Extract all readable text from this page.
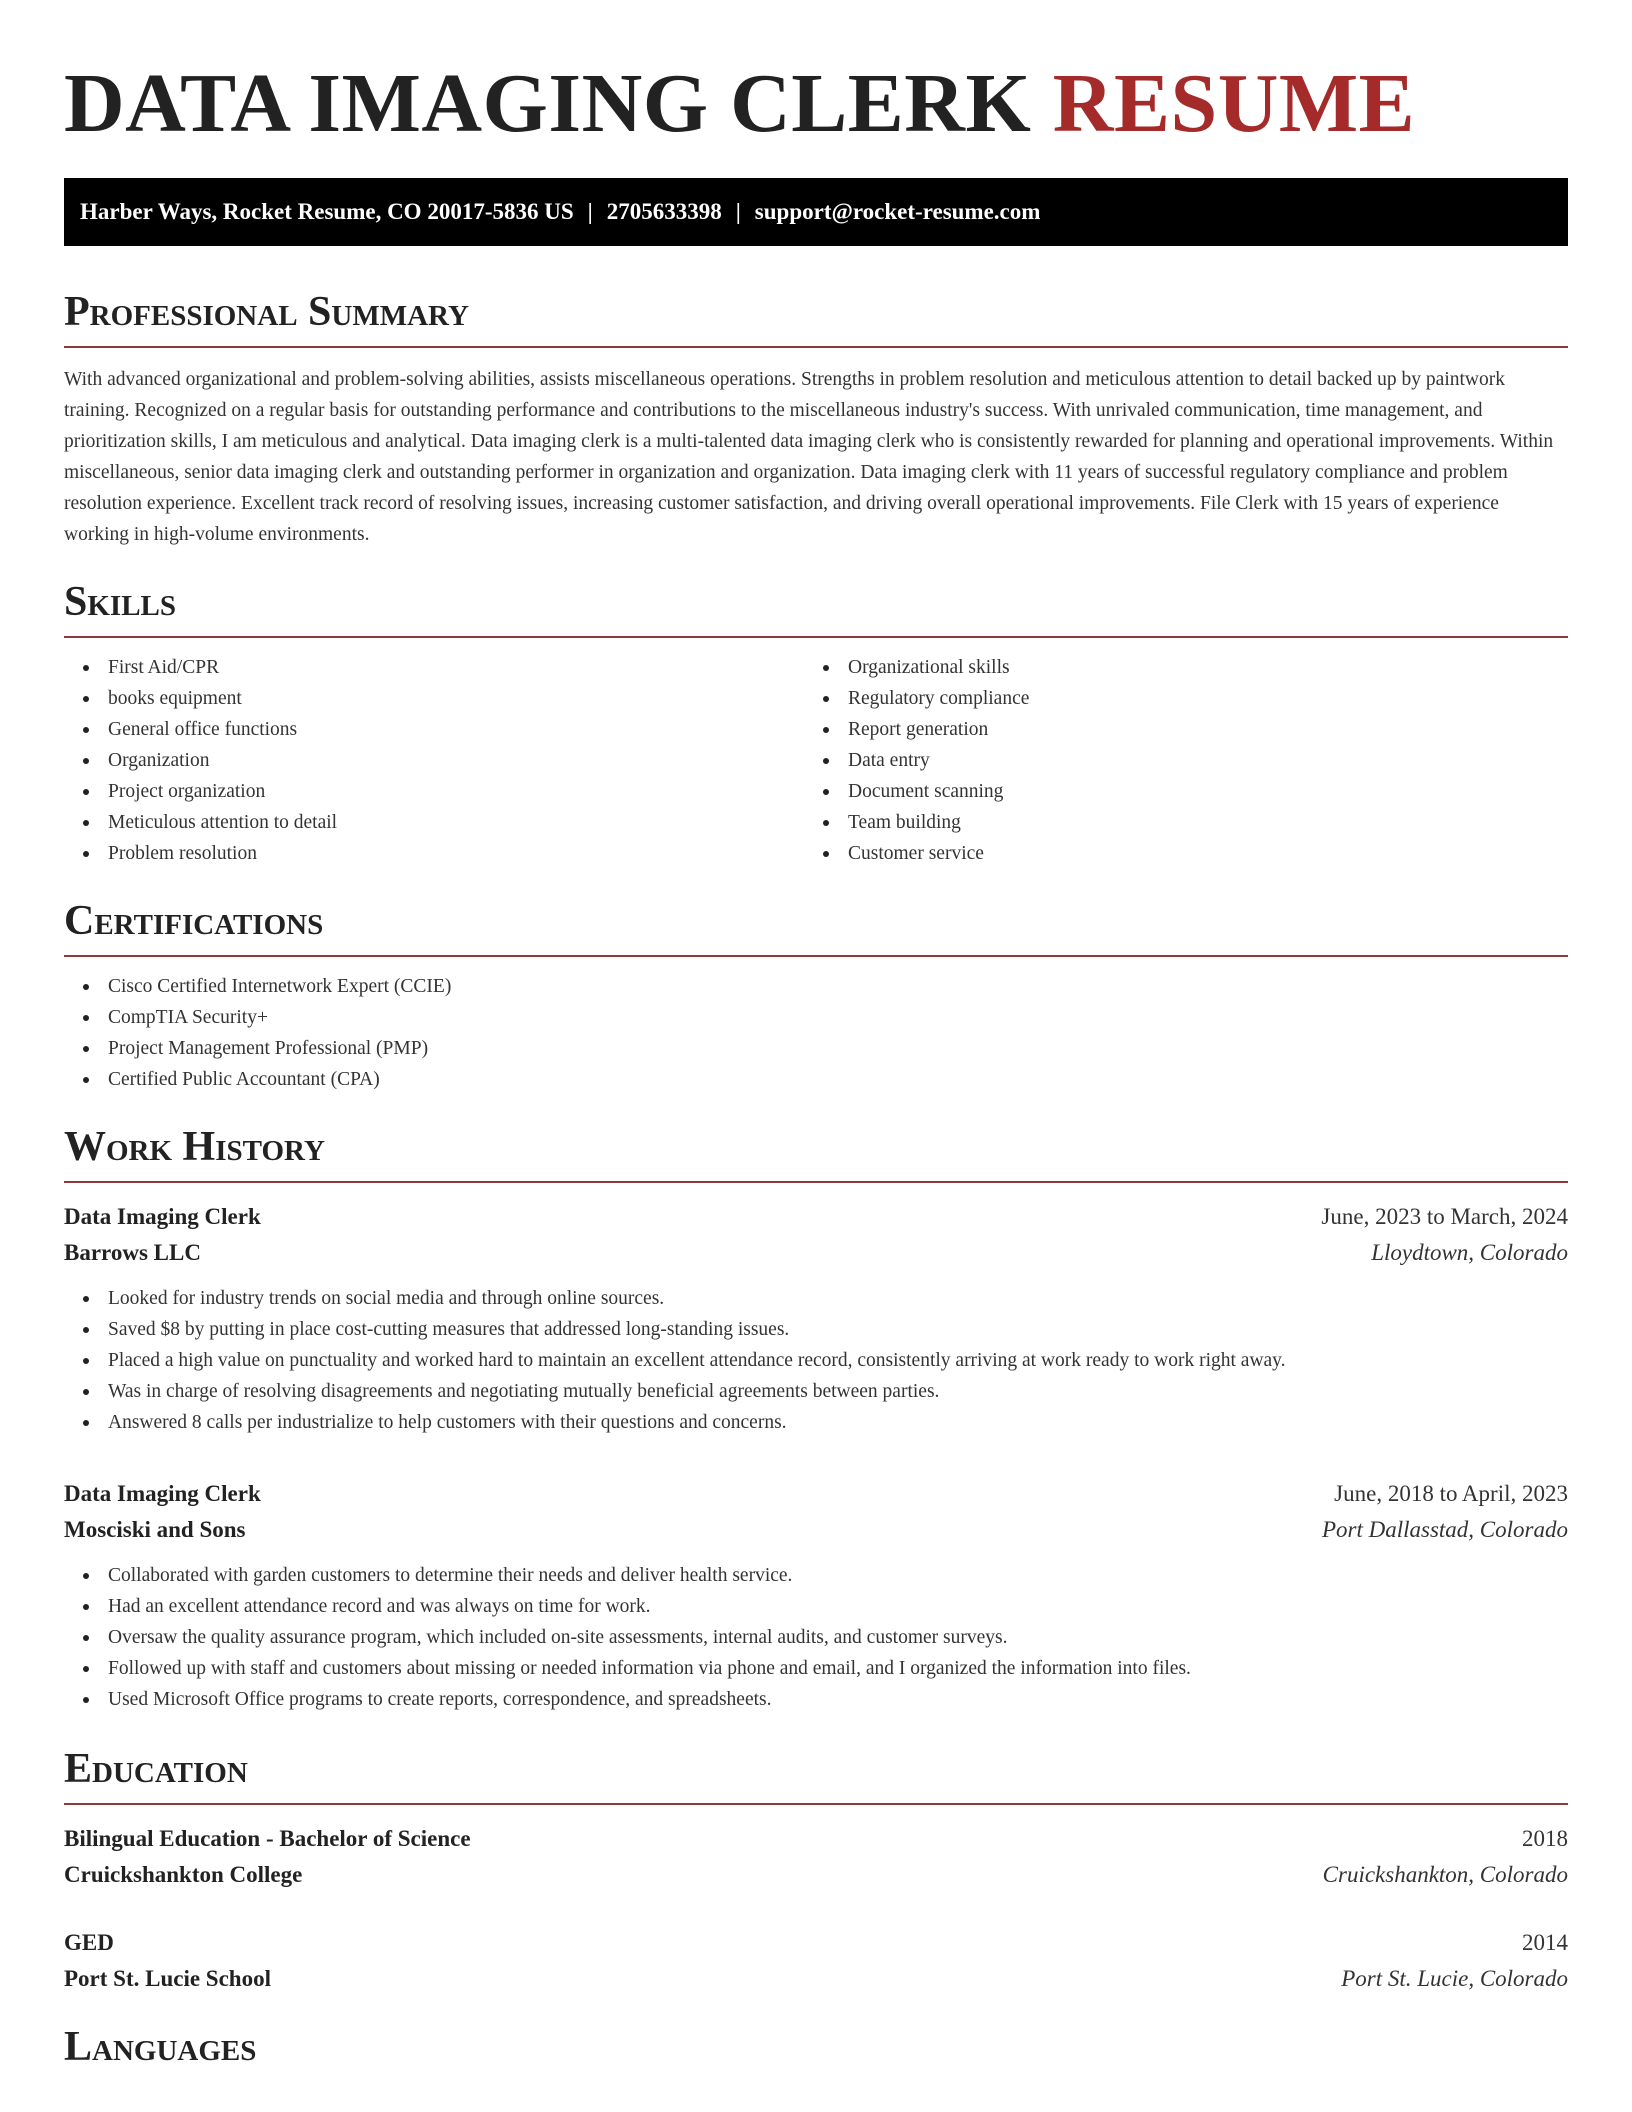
DATA IMAGING CLERK RESUME
Harber Ways, Rocket Resume, CO 20017-5836 US | 2705633398 | support@rocket-resume.com
Professional Summary

With advanced organizational and problem-solving abilities, assists miscellaneous operations. Strengths in problem resolution and meticulous attention to detail backed up by paintwork training. Recognized on a regular basis for outstanding performance and contributions to the miscellaneous industry's success. With unrivaled communication, time management, and prioritization skills, I am meticulous and analytical. Data imaging clerk is a multi-talented data imaging clerk who is consistently rewarded for planning and operational improvements. Within miscellaneous, senior data imaging clerk and outstanding performer in organization and organization. Data imaging clerk with 11 years of successful regulatory compliance and problem resolution experience. Excellent track record of resolving issues, increasing customer satisfaction, and driving overall operational improvements. File Clerk with 15 years of experience working in high-volume environments.

Skills
First Aid/CPR
books equipment
General office functions
Organization
Project organization
Meticulous attention to detail
Problem resolution
Organizational skills
Regulatory compliance
Report generation
Data entry
Document scanning
Team building
Customer service
Certifications
Cisco Certified Internetwork Expert (CCIE)
CompTIA Security+
Project Management Professional (PMP)
Certified Public Accountant (CPA)
Work History
Data Imaging Clerk	June, 2023 to March, 2024
Barrows LLC	Lloydtown, Colorado
Looked for industry trends on social media and through online sources.
Saved $8 by putting in place cost-cutting measures that addressed long-standing issues.
Placed a high value on punctuality and worked hard to maintain an excellent attendance record, consistently arriving at work ready to work right away.
Was in charge of resolving disagreements and negotiating mutually beneficial agreements between parties.
Answered 8 calls per industrialize to help customers with their questions and concerns.
Data Imaging Clerk	June, 2018 to April, 2023
Mosciski and Sons	Port Dallasstad, Colorado
Collaborated with garden customers to determine their needs and deliver health service.
Had an excellent attendance record and was always on time for work.
Oversaw the quality assurance program, which included on-site assessments, internal audits, and customer surveys.
Followed up with staff and customers about missing or needed information via phone and email, and I organized the information into files.
Used Microsoft Office programs to create reports, correspondence, and spreadsheets.
Education
Bilingual Education - Bachelor of Science	2018
Cruickshankton College	Cruickshankton, Colorado
GED	2014
Port St. Lucie School	Port St. Lucie, Colorado
Languages
